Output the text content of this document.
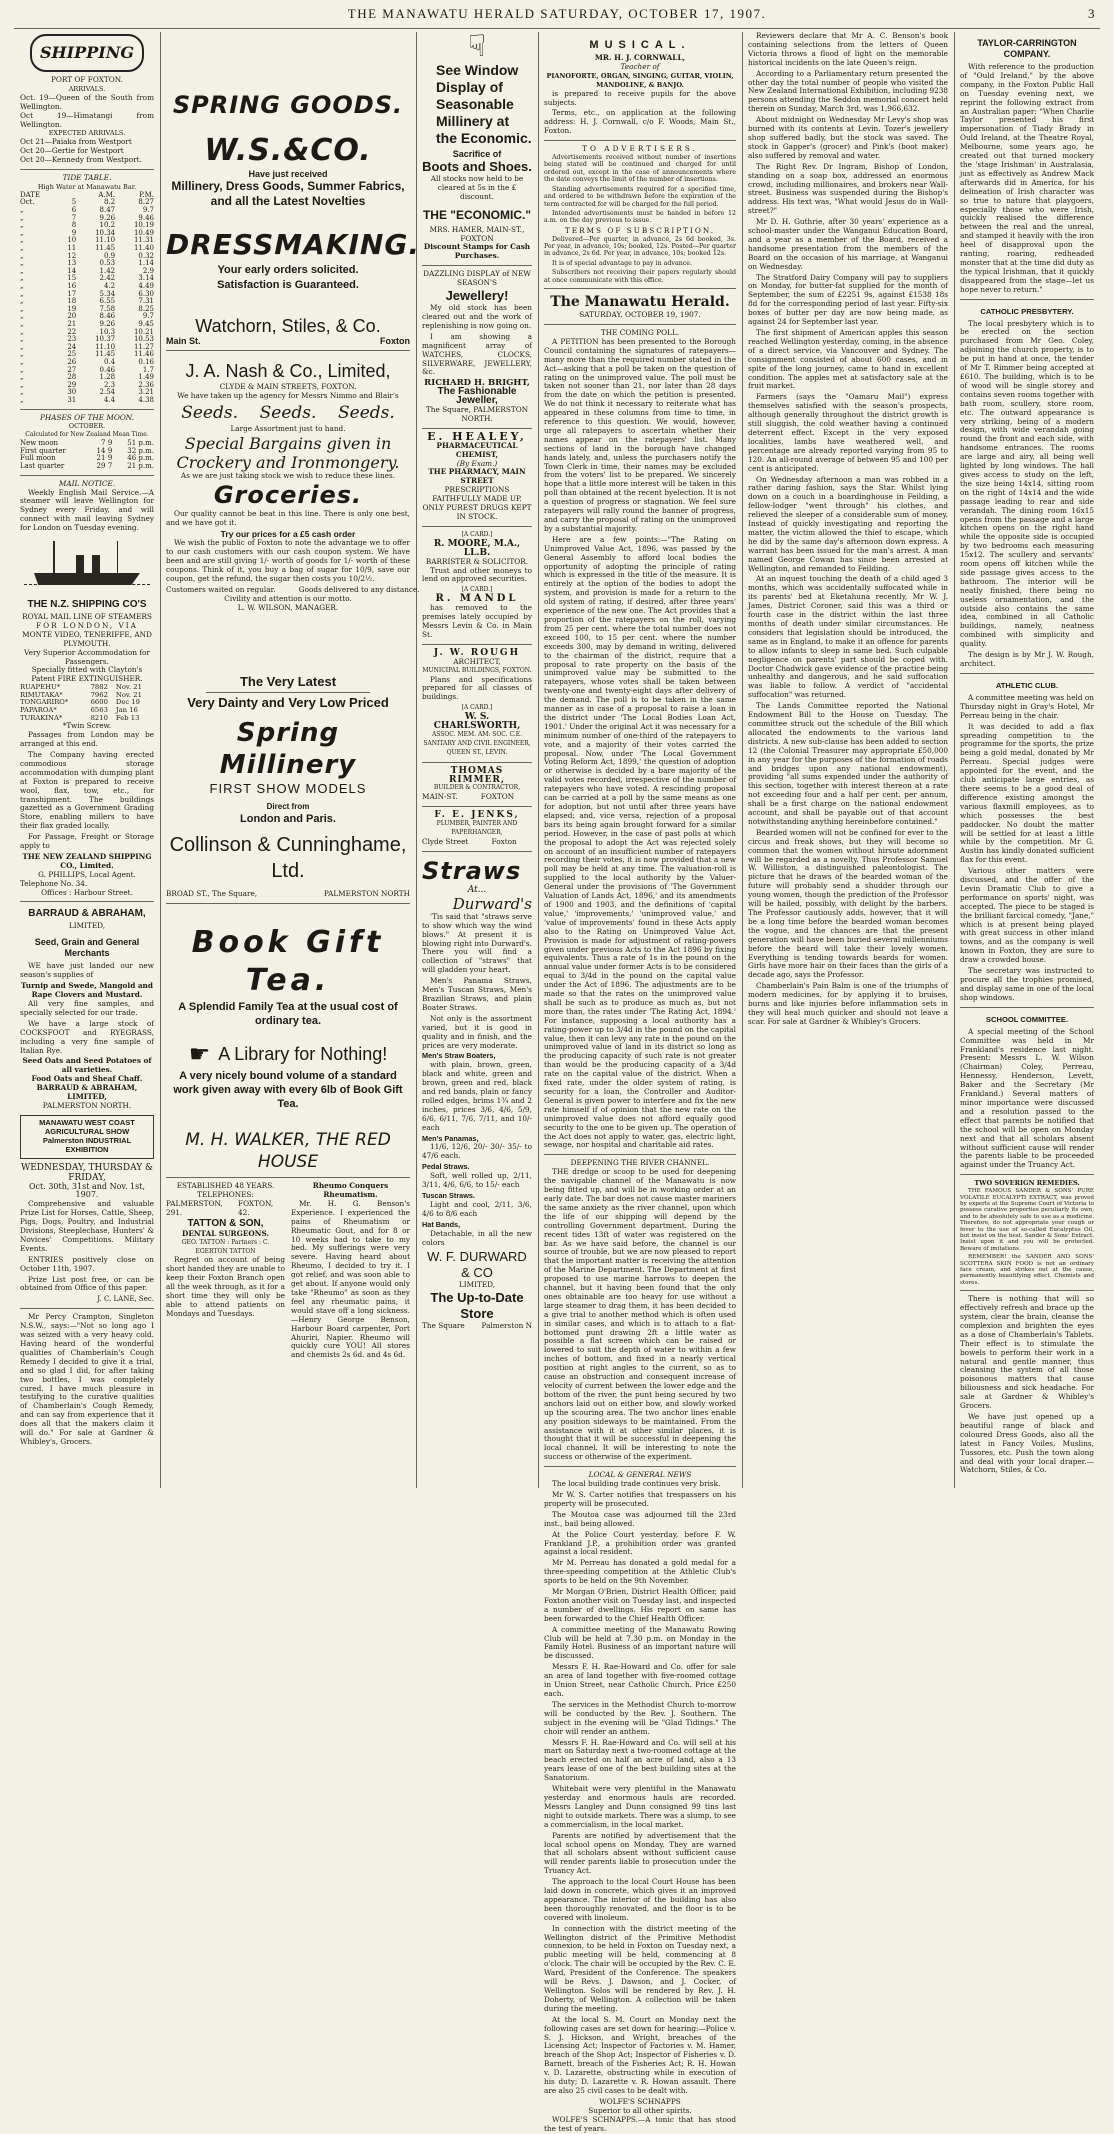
THE MANAWATU HERALD SATURDAY, OCTOBER 17, 1907.	3
SHIPPING
PORT OF FOXTON.
ARRIVALS.
Oct. 19—Queen of the South from Wellington.
Oct 19—Himatangi from Wellington.
EXPECTED ARRIVALS.
Oct 21—Paiaka from Westport
Oct 20—Gertie for Westport
Oct 20—Kennedy from Westport.
TIDE TABLE.
High Water at Manawatu Bar.
DATE		A.M.	P.M.
Oct.	5	8.2	8.27
„	6	8.47	9.7
„	7	9.26	9.46
„	8	10.2	10.19
„	9	10.34	10.49
„	10	11.10	11.31
„	11	11.45	11.40
„	12	0.9	0.32
„	13	0.53	1.14
„	14	1.42	2.9
„	15	2.42	3.14
„	16	4.2	4.49
„	17	5.34	6.30
„	18	6.55	7.31
„	19	7.58	8.25
„	20	8.46	9.7
„	21	9.26	9.45
„	22	10.3	10.21
„	23	10.37	10.53
„	24	11.10	11.27
„	25	11.45	11.46
„	26	0.4	0.16
„	27	0.46	1.7
„	28	1.28	1.49
„	29	2.3	2.36
„	30	2.54	3.21
„	31	4.4	4.38
PHASES OF THE MOON.
OCTOBER.
Calculated for New Zealand Mean Time.
New moon	7	9	51 p.m.
First quarter	14	9	32 p.m.
Full moon	21	9	46 p.m.
Last quarter	29	7	21 p.m.
MAIL NOTICE.

Weekly English Mail Service.—A steamer will leave Wellington for Sydney every Friday, and will connect with mail leaving Sydney for London on Tuesday evening.

THE N.Z. SHIPPING CO'S
ROYAL MAIL LINE OF STEAMERS
FOR LONDON, VIA
MONTE VIDEO, TENERIFFE, AND PLYMOUTH.
Very Superior Accommodation for Passengers.
Specially fitted with Clayton's Patent FIRE EXTINGUISHER.
RUAPEHU*	7882	Nov. 21
RIMUTAKA*	7962	Nov. 21
TONGARIRO*	6600	Dec 19
PAPAROA*	6563	Jan 16
TURAKINA*	8210	Feb 13
*Twin Screw.

Passages from London may be arranged at this end.

The Company having erected commodious storage accommodation with dumping plant at Foxton is prepared to receive wool, flax, tow, etc., for transhipment. The buildings gazetted as a Government Grading Store, enabling millers to have their flax graded locally.

For Passage, Freight or Storage apply to

THE NEW ZEALAND SHIPPING CO., Limited.
G. PHILLIPS, Local Agent.
Telephone No. 34.
Offices : Harbour Street.
BARRAUD & ABRAHAM,
LIMITED,
Seed, Grain and General Merchants

WE have just landed our new season's supplies of

Turnip and Swede, Mangold and Rape Clovers and Mustard.

All very fine samples, and specially selected for our trade.

We have a large stock of COCKSFOOT and RYEGRASS, including a very fine sample of Italian Rye.

Seed Oats and Seed Potatoes of all varieties.
Food Oats and Sheaf Chaff.
BARRAUD & ABRAHAM, LIMITED,
PALMERSTON NORTH.
MANAWATU WEST COAST AGRICULTURAL SHOW Palmerston INDUSTRIAL EXHIBITION
WEDNESDAY, THURSDAY & FRIDAY,
Oct. 30th, 31st and Nov. 1st, 1907.

Comprehensive and valuable Prize List for Horses, Cattle, Sheep, Pigs, Dogs, Poultry, and Industrial Divisions, Steeplechase, Hunters' & Novices' Competitions. Military Events.

ENTRIES positively close on October 11th, 1907.

Prize List post free, or can be obtained from Office of this paper.

J. C. LANE, Sec.

Mr Percy Crampton, Singleton N.S.W., says:—"Not so long ago I was seized with a very heavy cold. Having heard of the wonderful qualities of Chamberlain's Cough Remedy I decided to give it a trial, and so glad I did, for after taking two bottles, I was completely cured. I have much pleasure in testifying to the curative qualities of Chamberlain's Cough Remedy, and can say from experience that it does all that the makers claim it will do." For sale at Gardner & Whibley's, Grocers.

SPRING GOODS.
W.S.&CO.
Have just received
Millinery, Dress Goods, Summer Fabrics, and all the Latest Novelties
DRESSMAKING.
Your early orders solicited.
Satisfaction is Guaranteed.
Watchorn, Stiles, & Co.
Main St.	Foxton
J. A. Nash & Co., Limited,
CLYDE & MAIN STREETS, FOXTON.
We have taken up the agency for Messrs Nimmo and Blair's
Seeds.    Seeds.    Seeds.
Large Assortment just to hand.
Special Bargains given in Crockery and Ironmongery.
As we are just taking stock we wish to reduce these lines.
Groceries.

Our quality cannot be beat in this line. There is only one best, and we have got it.

Try our prices for a £5 cash order

We wish the public of Foxton to note the advantage we to offer to our cash customers with our cash coupon system. We have been and are still giving 1/- worth of goods for 1/- worth of these coupons. Think of it, you buy a bag of sugar for 10/9, save our coupon, get the refund, the sugar then costs you 10/2½.

Customers waited on regular.          Goods delivered to any distance.
Civility and attention is our motto.
L. W. WILSON, MANAGER.
The Very Latest
Very Dainty and Very Low Priced
Spring Millinery
FIRST SHOW MODELS
Direct from
London and Paris.
Collinson & Cunninghame, Ltd.
BROAD ST., The Square,	PALMERSTON NORTH
Book Gift Tea.
A Splendid Family Tea at the usual cost of ordinary tea.
☛ A Library for Nothing!
A very nicely bound volume of a standard work given away with every 6lb of Book Gift Tea.
M. H. WALKER, THE RED HOUSE
ESTABLISHED 48 YEARS.
TELEPHONES:
PALMERSTON, 291.
FOXTON, 42.
TATTON & SON,
DENTAL SURGEONS.
GEO. TATTON : Partners : C. EGERTON TATTON

Regret on account of being short handed they are unable to keep their Foxton Branch open all the week through, as it for a short time they will only be able to attend patients on Mondays and Tuesdays.

Rheumo Conquers Rheumatism.

Mr. H. G. Benson's Experience. I experienced the pains of Rheumatism or Rheumatic Gout, and for 8 or 10 weeks had to take to my bed. My sufferings were very severe. Having heard about Rheumo, I decided to try it. I got relief, and was soon able to get about. If anyone would only take "Rheumo" as soon as they feel any rheumatic pains, it would stave off a long sickness.—Henry George Benson, Harbour Board carpenter, Port Ahuriri, Napier. Rheumo will quickly cure YOU! All stores and chemists 2s 6d. and 4s 6d.

☟
See Window Display of Seasonable Millinery at the Economic.
Sacrifice of
Boots and Shoes.
All stocks now held to be cleared at 5s in the £ discount.
THE "ECONOMIC."
MRS. HAMER, MAIN-ST., FOXTON
Discount Stamps for Cash Purchases.
DAZZLING DISPLAY of NEW SEASON'S
Jewellery!

My old stock has been cleared out and the work of replenishing is now going on.

I am showing a magnificent array of WATCHES, CLOCKS, SILVERWARE, JEWELLERY, &c.

RICHARD H. BRIGHT,
The Fashionable Jeweller,
The Square, PALMERSTON NORTH.
E. HEALEY,
PHARMACEUTICAL CHEMIST,
(By Exam.)
THE PHARMACY, MAIN STREET
PRESCRIPTIONS FAITHFULLY MADE UP.
ONLY PUREST DRUGS KEPT IN STOCK.
[A CARD.]
R. MOORE, M.A., LL.B.
BARRISTER & SOLICITOR.

Trust and other moneys to lend on approved securities.

[A CARD.]
R. MANDL

has removed to the premises lately occupied by Messrs Levin & Co. in Main St.

J. W. ROUGH
ARCHITECT,
MUNICIPAL BUILDINGS, FOXTON.

Plans and specifications prepared for all classes of buildings.

[A CARD.]
W. S. CHARLSWORTH,
ASSOC. MEM. AM. SOC. C.E.
SANITARY AND CIVIL ENGINEER,
QUEEN ST., LEVIN.
THOMAS RIMMER,
BUILDER & CONTRACTOR,
MAIN-ST.          FOXTON
F. E. JENKS,
PLUMBER, PAINTER AND PAPERHANGER,
Clyde Street          Foxton
Straws
At...
Durward's

'Tis said that "straws serve to show which way the wind blows." At present it is blowing right into Durward's. There you will find a collection of "straws" that will gladden your heart.

Men's Panama Straws, Men's Tuscan Straws, Men's Brazilian Straws, and plain Boater Straws.

Not only is the assortment varied, but it is good in quality and in finish, and the prices are very moderate.

Men's Straw Boaters,

with plain, brown, green, black and white, green and brown, green and red, black and red bands, plain or fancy rolled edges, brims 1¾ and 2 inches, prices 3/6, 4/6, 5/9, 6/6, 6/11, 7/6, 7/11, and 10/- each

Men's Panamas,

11/6, 12/6, 20/- 30/- 35/- to 47/6 each.

Pedal Straws.

Soft, well rolled up, 2/11, 3/11, 4/6, 6/6, to 15/- each

Tuscan Straws.

Light and cool, 2/11, 3/6, 4/6 to 8/6 each

Hat Bands,

Detachable, in all the new colors

W. F. DURWARD & CO
LIMITED,
The Up-to-Date Store
The Square Palmerston N
MUSICAL.
MR. H. J. CORNWALL,
Teacher of
PIANOFORTE, ORGAN, SINGING, GUITAR, VIOLIN, MANDOLINE, & BANJO.

is prepared to receive pupils for the above subjects.

Terms, etc., on application at the following address: H. J. Cornwall, c/o F. Woods, Main St., Foxton.

TO ADVERTISERS.

Advertisements received without number of insertions being stated will be continued and charged for until ordered out, except in the case of announcements where the date conveys the limit of the number of insertions.

Standing advertisements required for a specified time, and ordered to be withdrawn before the expiration of the term contracted for will be charged for the full period.

Intended advertisements must be handed in before 12 a.m. on the day previous to issue.

TERMS OF SUBSCRIPTION.

Delivered—Per quarter, in advance, 2s 6d booked, 3s. Per year, in advance, 10s; booked, 12s. Posted—Per quarter in advance, 2s 6d. Per year, in advance, 10s; booked 12s.

It is of special advantage to pay in advance.

Subscribers not receiving their papers regularly should at once communicate with this office.

The Manawatu Herald.
SATURDAY, OCTOBER 19, 1907.
THE COMING POLL.

A PETITION has been presented to the Borough Council containing the signatures of ratepayers—many more than the required number stated in the Act—asking that a poll be taken on the question of rating on the unimproved value. The poll must be taken not sooner than 21, nor later than 28 days from the date on which the petition is presented. We do not think it necessary to reiterate what has appeared in these columns from time to time, in reference to this question. We would, however, urge all ratepayers to ascertain whether their names appear on the ratepayers' list. Many sections of land in the borough have changed hands lately, and, unless the purchasers notify the Town Clerk in time, their names may be excluded from the voters' list to be prepared. We sincerely hope that a little more interest will be taken in this poll than obtained at the recent byelection. It is not a question of progress or stagnation. We feel sure ratepayers will rally round the banner of progress, and carry the proposal of rating on the unimproved by a substantial majority.

Here are a few points:—"The Rating on Unimproved Value Act, 1896, was passed by the General Assembly to afford local bodies the opportunity of adopting the principle of rating which is expressed in the title of the measure. It is entirely at the option of the bodies to adopt the system, and provision is made for a return to the old system of rating, if desired, after three years' experience of the new one. The Act provides that a proportion of the ratepayers on the roll, varying from 25 per cent. where the total number does not exceed 100, to 15 per cent. where the number exceeds 300, may by demand in writing, delivered to the chairman of the district, require that a proposal to rate property on the basis of the unimproved value may be submitted to the ratepayers, whose votes shall be taken between twenty-one and twenty-eight days after delivery of the demand. The poll is to be taken in the same manner as in case of a proposal to raise a loan in the district under 'The Local Bodies Loan Act, 1901.' Under the original Act it was necessary for a minimum number of one-third of the ratepayers to vote, and a majority of their votes carried the proposal. Now, under 'The Local Government Voting Reform Act, 1899,' the question of adoption or otherwise is decided by a bare majority of the valid votes recorded, irrespective of the number of ratepayers who have voted. A rescinding proposal can be carried at a poll by the same means as one for adoption, but not until after three years have elapsed; and, vice versa, rejection of a proposal bars its being again brought forward for a similar period. However, in the case of past polls at which the proposal to adopt the Act was rejected solely on account of an insufficient number of ratepayers recording their votes, it is now provided that a new poll may be held at any time. The valuation-roll is supplied to the local authority by the Valuer-General under the provisions of 'The Government Valuation of Lands Act, 1896,' and its amendments of 1900 and 1903, and the definitions of 'capital value,' 'improvements,' 'unimproved value,' and 'value of improvements' found in these Acts apply also to the Rating on Unimproved Value Act. Provision is made for adjustment of rating-powers given under previous Acts to the Act 1896 by fixing equivalents. Thus a rate of 1s in the pound on the annual value under former Acts is to be considered equal to 3/4d in the pound on the capital value under the Act of 1896. The adjustments are to be made so that the rates on the unimproved value shall be such as to produce as much as, but not more than, the rates under 'The Rating Act, 1894.' For instance, supposing a local authority has a rating-power up to 3/4d in the pound on the capital value, then it can levy any rate in the pound on the unimproved value of land in its district so long as the producing capacity of such rate is not greater than would be the producing capacity of a 3/4d rate on the capital value of the district. When a fixed rate, under the older system of rating, is security for a loan, the Controller and Auditor-General is given power to interfere and fix the new rate himself if of opinion that the new rate on the unimproved value does not afford equally good security to the one to be given up. The operation of the Act does not apply to water, gas, electric light, sewage, nor hospital and charitable aid rates.

DEEPENING THE RIVER CHANNEL.

THE dredge or scoop to be used for deepening the navigable channel of the Manawatu is now being fitted up, and will be in working order at an early date. The bar does not cause master mariners the same anxiety as the river channel, upon which the life of our shipping will depend by the controlling Government department. During the recent tides 13ft of water was registered on the bar. As we have said before, the channel is our source of trouble, but we are now pleased to report that the important matter is receiving the attention of the Marine Department. The Department at first proposed to use marine harrows to deepen the channel, but it having been found that the only ones obtainable are too heavy for use without a large steamer to drag them, it has been decided to a give trial to another method which is often used in similar cases, and which is to attach to a flat-bottomed punt drawing 2ft a little water as possible a flat screen which can be raised or lowered to suit the depth of water to within a few inches of bottom, and fixed in a nearly vertical position at right angles to the current, so as to cause an obstruction and consequent increase of velocity of current between the lower edge and the bottom of the river, the punt being secured by two anchors laid out on either bow, and slowly worked up the scouring area. The two anchor lines enable any position sideways to be maintained. From the assistance with it at other similar places, it is thought that it will be successful in deepening the local channel. It will be interesting to note the success or otherwise of the experiment.

LOCAL & GENERAL NEWS

The local building trade continues very brisk.

Mr W. S. Carter notifies that trespassers on his property will be prosecuted.

The Moutoa case was adjourned till the 23rd inst., bail being allowed.

At the Police Court yesterday, before F. W. Frankland J.P., a prohibition order was granted against a local resident.

Mr M. Perreau has donated a gold medal for a three-speeding competition at the Athletic Club's sports to be held on the 9th November.

Mr Morgan O'Brien, District Health Officer, paid Foxton another visit on Tuesday last, and inspected a number of dwellings. His report on same has been forwarded to the Chief Health Officer.

A committee meeting of the Manawatu Rowing Club will be held at 7.30 p.m. on Monday in the Family Hotel. Business of an important nature will be discussed.

Messrs F. H. Rae-Howard and Co. offer for sale an area of land together with five-roomed cottage in Union Street, near Catholic Church. Price £250 each.

The services in the Methodist Church to-morrow will be conducted by the Rev. J. Southern. The subject in the evening will be "Glad Tidings." The choir will render an anthem.

Messrs F. H. Rae-Howard and Co. will sell at his mart on Saturday next a two-roomed cottage at the beach erected on half an acre of land, also a 13 years lease of one of the best building sites at the Sanatorium.

Whitebait were very plentiful in the Manawatu yesterday and enormous hauls are recorded. Messrs Langley and Dunn consigned 99 tins last night to outside markets. There was a slump, to see a commercialism, in the local market.

Parents are notified by advertisement that the local school opens on Monday. They are warned that all scholars absent without sufficient cause will render parents liable to prosecution under the Truancy Act.

The approach to the local Court House has been laid down in concrete, which gives it an improved appearance. The interior of the building has also been thoroughly renovated, and the floor is to be covered with linoleum.

In connection with the district meeting of the Wellington district of the Primitive Methodist connexion, to be held in Foxton on Tuesday next, a public meeting will be held, commencing at 8 o'clock. The chair will be occupied by the Rev. C. E. Ward, President of the Conference. The speakers will be Revs. J. Dawson, and J. Cocker, of Wellington. Solos will be rendered by Rev. J. H. Doherty, of Wellington. A collection will be taken during the meeting.

At the local S. M. Court on Monday next the following cases are set down for hearing:—Police v. S. J. Hickson, and Wright, breaches of the Licensing Act; Inspector of Factories v. M. Hamer, breach of the Shop Act; Inspector of Fisheries v. D. Barnett, breach of the Fisheries Act; R. H. Howan v. D. Lazarette, obstructing while in execution of his duty; D. Lazarette v. R. Howan assault. There are also 25 civil cases to be dealt with.

WOLFE'S SCHNAPPS
Superior to all other spirits.

WOLFE'S SCHNAPPS.—A tonic that has stood the test of years.

Reviewers declare that Mr A. C. Benson's book containing selections from the letters of Queen Victoria throws a flood of light on the memorable historical incidents on the late Queen's reign.

According to a Parliamentary return presented the other day the total number of people who visited the New Zealand International Exhibition, including 9238 persons attending the Seddon memorial concert held therein on Sunday, March 3rd, was 1,966,632.

About midnight on Wednesday Mr Levy's shop was burned with its contents at Levin. Tozer's jewellery shop suffered badly, but the stock was saved. The stock in Gapper's (grocer) and Pink's (boot maker) also suffered by removal and water.

The Right Rev. Dr Ingram, Bishop of London, standing on a soap box, addressed an enormous crowd, including millionaires, and brokers near Wall-street. Business was suspended during the Bishop's address. His text was, "What would Jesus do in Wall-street?"

Mr D. H. Guthrie, after 30 years' experience as a school-master under the Wanganui Education Board, and a year as a member of the Board, received a handsome presentation from the members of the Board on the occasion of his marriage, at Wanganui on Wednesday.

The Stratford Dairy Company will pay to suppliers on Monday, for butter-fat supplied for the month of September, the sum of £2251 9s, against £1538 18s 8d for the corresponding period of last year. Fifty-six boxes of butter per day are now being made, as against 24 for September last year.

The first shipment of American apples this season reached Wellington yesterday, coming, in the absence of a direct service, via Vancouver and Sydney. The consignment consisted of about 600 cases, and in spite of the long journey, came to hand in excellent condition. The apples met at satisfactory sale at the fruit market.

Farmers (says the "Oamaru Mail") express themselves satisfied with the season's prospects, although generally throughout the district growth is still sluggish, the cold weather having a continued deterrent effect. Except in the very exposed localities, lambs have weathered well, and percentage are already reported varying from 95 to 120. An all-round average of between 95 and 100 per cent is anticipated.

On Wednesday afternoon a man was robbed in a rather daring fashion, says the Star. Whilst lying down on a couch in a boardinghouse in Feilding, a fellow-lodger "went through" his clothes, and relieved the sleeper of a considerable sum of money. Instead of quickly investigating and reporting the matter, the victim allowed the thief to escape, which he did by the same day's afternoon down express. A warrant has been issued for the man's arrest. A man named George Cowan has since been arrested at Wellington, and remanded to Feilding.

At an inquest touching the death of a child aged 3 months, which was accidentally suffocated while in its parents' bed at Eketahuna recently, Mr W. J. James, District Coroner, said this was a third or fourth case in the district within the last three months of death under similar circumstances. He considers that legislation should be introduced, the same as in England, to make it an offence for parents to allow infants to sleep in same bed. Such culpable negligence on parents' part should be coped with. Doctor Chadwick gave evidence of the practice being unhealthy and dangerous, and he said suffocation was liable to follow. A verdict of "accidental suffocation" was returned.

The Lands Committee reported the National Endowment Bill to the House on Tuesday. The committee struck out the schedule of the Bill which allocated the endowments to the various land districts. A new sub-clause has been added to section 12 (the Colonial Treasurer may appropriate £50,000 in any year for the purposes of the formation of roads and bridges upon any national endowment), providing "all sums expended under the authority of this section, together with interest thereon at a rate not exceeding four and a half per cent. per annum, shall be a first charge on the national endowment account, and shall be payable out of that account notwithstanding anything hereinbefore contained."

Bearded women will not be confined for ever to the circus and freak shows, but they will become so common that the women without hirsute adornment will be regarded as a novelty. Thus Professor Samuel W. Williston, a distinguished paleontologist. The picture that he draws of the bearded woman of the future will probably send a shudder through our young women, though the prediction of the Professor will be hailed, possibly, with delight by the barbers. The Professor cautiously adds, however, that it will be a long time before the bearded woman becomes the vogue, and the chances are that the present generation will have been buried several millenniums before the beard will take their lovely women. Everything is tending towards beards for women. Girls have more hair on their faces than the girls of a decade ago, says the Professor.

Chamberlain's Pain Balm is one of the triumphs of modern medicines, for by applying it to bruises, burns and like injuries before inflammation sets in they will heal much quicker and should not leave a scar. For sale at Gardner & Whibley's Grocers.

TAYLOR-CARRINGTON COMPANY.

With reference to the production of "Ould Ireland," by the above company, in the Foxton Public Hall on Tuesday evening next, we reprint the following extract from an Australian paper: "When Charlie Taylor presented his first impersonation of Tiady Brady in Ould Ireland, at the Theatre Royal, Melbourne, some years ago, he created out that turned mockery the 'stage Irishman' in Australasia, just as effectively as Andrew Mack afterwards did in America, for his delineation of Irish character was so true to nature that playgoers, especially those who were Irish, quickly realised the difference between the real and the unreal, and stamped it heavily with the iron heel of disapproval upon the ranting, roaring, redheaded monster that at the time did duty as the typical Irishman, that it quickly disappeared from the stage—let us hope never to return."

CATHOLIC PRESBYTERY.

The local presbytery which is to be erected on the section purchased from Mr Geo. Coley, adjoining the church property, is to be put in hand at once, the tender of Mr T. Rimmer being accepted at £610. The building, which is to be of wood will be single storey and contains seven rooms together with bath room, scullery, store room, etc. The outward appearance is very striking, being of a modern design, with wide verandah going round the front and each side, with handsome entrances. The rooms are large and airy, all being well lighted by long windows. The hall gives access to study on the left, the size being 14x14, sitting room on the right of 14x14 and the wide passage leading to rear and side verandah. The dining room 16x15 opens from the passage and a large kitchen opens on the right hand while the opposite side is occupied by two bedrooms each measuring 15x12. The scullery and servants' room opens off kitchen while the side passage gives access to the bathroom. The interior will be neatly finished, there being no useless ornamentation, and the outside also contains the same idea, combined in all Catholic buildings, namely, neatness combined with simplicity and quality.

The design is by Mr J. W. Rough, architect.

ATHLETIC CLUB.

A committee meeting was held on Thursday night in Gray's Hotel, Mr Perreau being in the chair.

It was decided to add a flax spreading competition to the programme for the sports, the prize being a gold medal, donated by Mr Perreau. Special judges were appointed for the event, and the club anticipate large entries, as there seems to be a good deal of difference existing amongst the various flaxmill employees, as to which possesses the best paddocker. No doubt the matter will be settled for at least a little while by the competition. Mr G. Austin has kindly donated sufficient flax for this event.

Various other matters were discussed, and the offer of the Levin Dramatic Club to give a performance on sports' night, was accepted. The piece to be staged is the brilliant farcical comedy, "Jane," which is at present being played with great success in other inland towns, and as the company is well known in Foxton, they are sure to draw a crowded house.

The secretary was instructed to procure all the trophies promised, and display same in one of the local shop windows.

SCHOOL COMMITTEE.

A special meeting of the School Committee was held in Mr Frankland's residence last night. Present: Messrs L. W. Wilson (Chairman) Coley, Perreau, Hennessy, Henderson, Levett, Baker and the Secretary (Mr Frankland.) Several matters of minor importance were discussed and a resolution passed to the effect that parents be notified that the school will be open on Monday next and that all scholars absent without sufficient cause will render the parents liable to be proceeded against under the Truancy Act.

TWO SOVERIGN REMEDIES.

THE FAMOUS SANDER & SONS' PURE VOLATILE EUCALYPTI EXTRACT, was proved by experts at the Supreme Court of Victoria to possess curative properties peculiarly its own, and to be absolutely safe to use as a medicine. Therefore, do not appropriate your cough or fever to the use of so-called Eucalyptus Oil, but insist on the best. Sander & Sons' Extract. Insist upon it and you will be protected. Beware of imitations.

REMEMBER! the SANDER AND SONS' SCOTTERA SKIN FOOD is not an ordinary face cream, and strikes out at the cause, permanently beautifying effect. Chemists and stores.

There is nothing that will so effectively refresh and brace up the system, clear the brain, cleanse the complexion and brighten the eyes as a dose of Chamberlain's Tablets. Their effect is to stimulate the bowels to perform their work in a natural and gentle manner, thus cleansing the system of all those poisonous matters that cause biliousness and sick headache. For sale at Gardner & Whibley's Grocers.

We have just opened up a beautiful range of black and coloured Dress Goods, also all the latest in Fancy Voiles, Muslins, Tussores, etc. Push the town along and deal with your local draper.—Watchorn, Stiles, & Co.
